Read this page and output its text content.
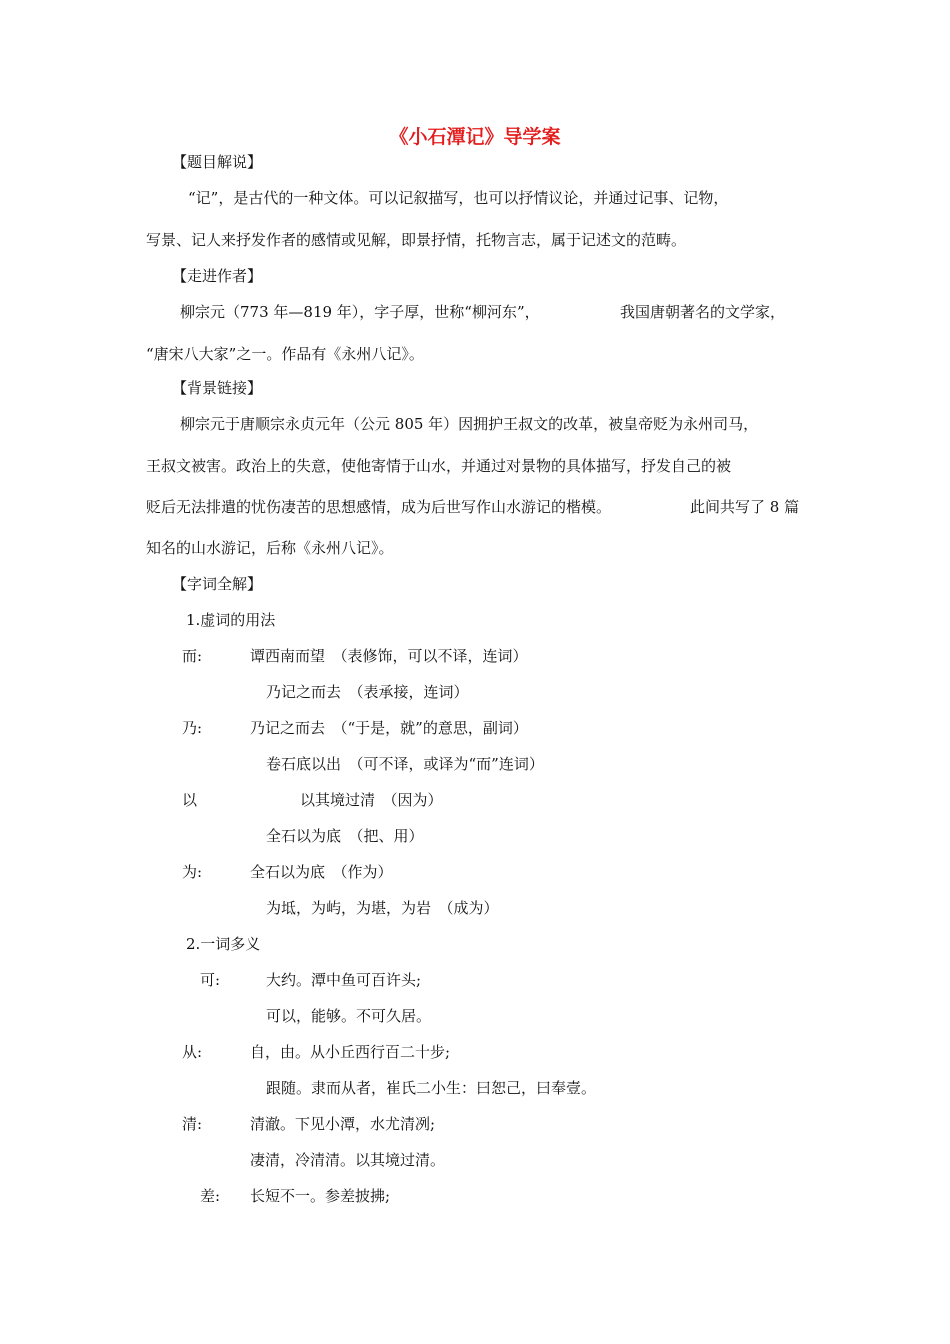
《小石潭记》导学案
【题目解说】
“记”，是古代的一种文体。可以记叙描写，也可以抒情议论，并通过记事、记物，
写景、记人来抒发作者的感情或见解，即景抒情，托物言志，属于记述文的范畴。
【走进作者】
柳宗元（773 年—819 年），字子厚，世称“柳河东”，	我国唐朝著名的文学家，
“唐宋八大家”之一。作品有《永州八记》。
【背景链接】
柳宗元于唐顺宗永贞元年（公元 805 年）因拥护王叔文的改革，被皇帝贬为永州司马，
王叔文被害。政治上的失意，使他寄情于山水，并通过对景物的具体描写，抒发自己的被
贬后无法排遣的忧伤凄苦的思想感情，成为后世写作山水游记的楷模。	此间共写了 8 篇
知名的山水游记，后称《永州八记》。
【字词全解】
1.虚词的用法
而:	谭西南而望　（表修饰，可以不译，连词）
乃记之而去　（表承接，连词）
乃:	乃记之而去　（“于是，就”的意思，副词）
卷石底以出　（可不译，或译为“而”连词）
以	以其境过清　（因为）
全石以为底　（把、用）
为:	全石以为底　（作为）
为坻，为屿，为堪，为岩　（成为）
2.一词多义
可:	大约。潭中鱼可百许头;
可以，能够。不可久居。
从:	自，由。从小丘西行百二十步;
跟随。隶而从者，崔氏二小生：曰恕己，曰奉壹。
清:	清澈。下见小潭，水尤清冽;
凄清，冷清清。以其境过清。
差: 长短不一。参差披拂;
